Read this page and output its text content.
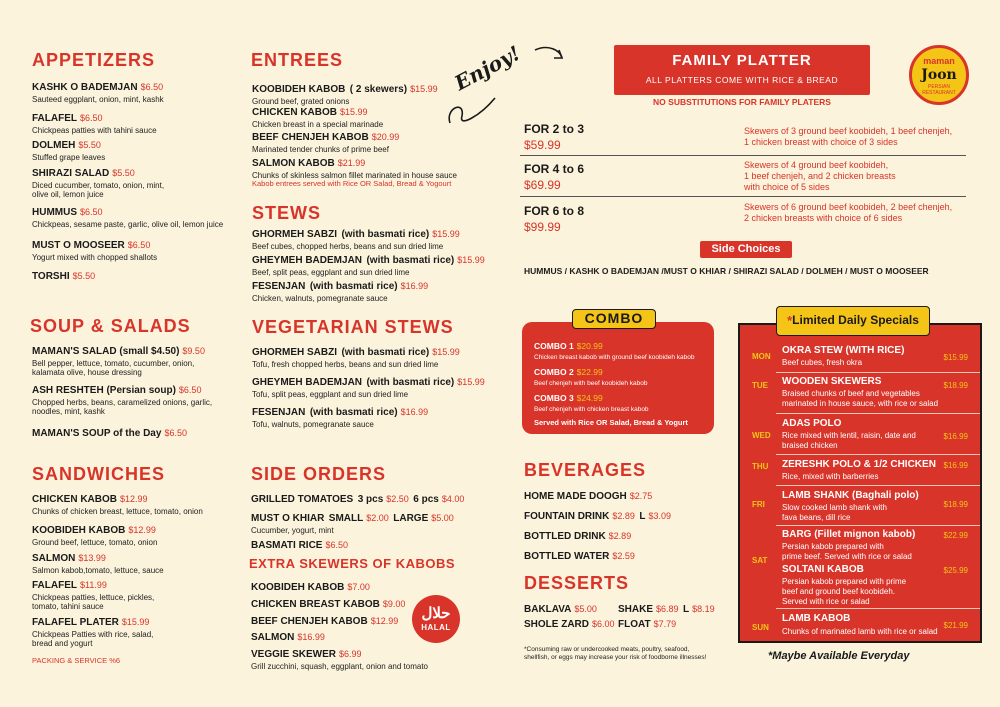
APPETIZERS
KASHK O BADEMJAN $6.50
Sauteed eggplant, onion, mint, kashk
FALAFEL $6.50
Chickpeas patties with tahini sauce
DOLMEH $5.50
Stuffed grape leaves
SHIRAZI SALAD $5.50
Diced cucumber, tomato, onion, mint,
olive oil, lemon juice
HUMMUS $6.50
Chickpeas, sesame paste, garlic, olive oil, lemon juice
MUST O MOOSEER $6.50
Yogurt mixed with chopped shallots
TORSHI $5.50
SOUP & SALADS
MAMAN'S SALAD (small $4.50) $9.50
Bell pepper, lettuce, tomato, cucumber, onion,
kalamata olive, house dressing
ASH RESHTEH (Persian soup) $6.50
Chopped herbs, beans, caramelized onions, garlic,
noodles, mint, kashk
MAMAN'S SOUP of the Day $6.50
SANDWICHES
CHICKEN KABOB $12.99
Chunks of chicken breast, lettuce, tomato, onion
KOOBIDEH KABOB $12.99
Ground beef, lettuce, tomato, onion
SALMON $13.99
Salmon kabob,tomato, lettuce, sauce
FALAFEL $11.99
Chickpeas patties, lettuce, pickles,
tomato, tahini sauce
FALAFEL PLATER $15.99
Chickpeas Patties with rice, salad,
bread and yogurt
PACKING & SERVICE %6
ENTREES
KOOBIDEH KABOB ( 2 skewers) $15.99
Ground beef, grated onions
CHICKEN KABOB $15.99
Chicken breast in a special marinade
BEEF CHENJEH KABOB $20.99
Marinated tender chunks of prime beef
SALMON KABOB $21.99
Chunks of skinless salmon fillet marinated in house sauce
Kabob entrees served with Rice OR Salad, Bread & Yogourt
STEWS
GHORMEH SABZI (with basmati rice) $15.99
Beef cubes, chopped herbs, beans and sun dried lime
GHEYMEH BADEMJAN (with basmati rice) $15.99
Beef, split peas, eggplant and sun dried lime
FESENJAN (with basmati rice) $16.99
Chicken, walnuts, pomegranate sauce
VEGETARIAN STEWS
GHORMEH SABZI (with basmati rice) $15.99
Tofu, fresh chopped herbs, beans and sun dried lime
GHEYMEH BADEMJAN (with basmati rice) $15.99
Tofu, split peas, eggplant and sun dried lime
FESENJAN (with basmati rice) $16.99
Tofu, walnuts, pomegranate sauce
SIDE ORDERS
GRILLED TOMATOES 3 pcs $2.50 6 pcs $4.00
MUST O KHIAR SMALL $2.00 LARGE $5.00
Cucumber, yogurt, mint
BASMATI RICE $6.50
EXTRA SKEWERS OF KABOBS
KOOBIDEH KABOB $7.00
CHICKEN BREAST KABOB $9.00
BEEF CHENJEH KABOB $12.99
SALMON $16.99
VEGGIE SKEWER $6.99
Grill zucchini, squash, eggplant, onion and tomato
حلال
HALAL
Enjoy!	FAMILY PLATTER
ALL PLATTERS COME WITH RICE & BREAD
NO SUBSTITUTIONS FOR FAMILY PLATERS
maman
Joon
PERSIAN RESTAURANT
FOR 2 to 3
$59.99
Skewers of 3 ground beef koobideh, 1 beef chenjeh,
1 chicken breast with choice of 3 sides
FOR 4 to 6
$69.99
Skewers of 4 ground beef koobideh,
1 beef chenjeh, and 2 chicken breasts
with choice of 5 sides
FOR 6 to 8
$99.99
Skewers of 6 ground beef koobideh, 2 beef chenjeh,
2 chicken breasts with choice of 6 sides
Side Choices
HUMMUS / KASHK O BADEMJAN /MUST O KHIAR / SHIRAZI SALAD / DOLMEH / MUST O MOOSEER
COMBO 1 $20.99
Chicken breast kabob with ground beef koobideh kabob
COMBO 2 $22.99
Beef chenjeh with beef koobideh kabob
COMBO 3 $24.99
Beef chenjeh with chicken breast kabob
Served with Rice OR Salad, Bread & Yogurt
COMBO
BEVERAGES
HOME MADE DOOGH $2.75
FOUNTAIN DRINK $2.89 L $3.09
BOTTLED DRINK $2.89
BOTTLED WATER $2.59
DESSERTS
BAKLAVA $5.00
SHOLE ZARD $6.00
SHAKE $6.89 L $8.19
FLOAT $7.79
*Consuming raw or undercooked meats, poultry, seafood,
shellfish, or eggs may increase your risk of foodborne illnesses!
MON
OKRA STEW (WITH RICE)
Beef cubes, fresh okra
$15.99
TUE WOODEN SKEWERS
Braised chunks of beef and vegetables
marinated in house sauce, with rice or salad
$18.99
WED
ADAS POLO
Rice mixed with lentil, raisin, date and
braised chicken
$16.99
THU ZERESHK POLO & 1/2 CHICKEN
Rice, mixed with barberries
$16.99
FRI
LAMB SHANK (Baghali polo)
Slow cooked lamb shank with
fava beans, dill rice
$18.99
SAT
BARG (Fillet mignon kabob)
Persian kabob prepared with
prime beef. Served with rice or salad
$22.99
SOLTANI KABOB
Persian kabob prepared with prime
beef and ground beef koobideh.
Served with rice or salad
$25.99
SUN
LAMB KABOB
Chunks of marinated lamb with rice or salad
$21.99
*Limited Daily Specials
*Maybe Available Everyday
